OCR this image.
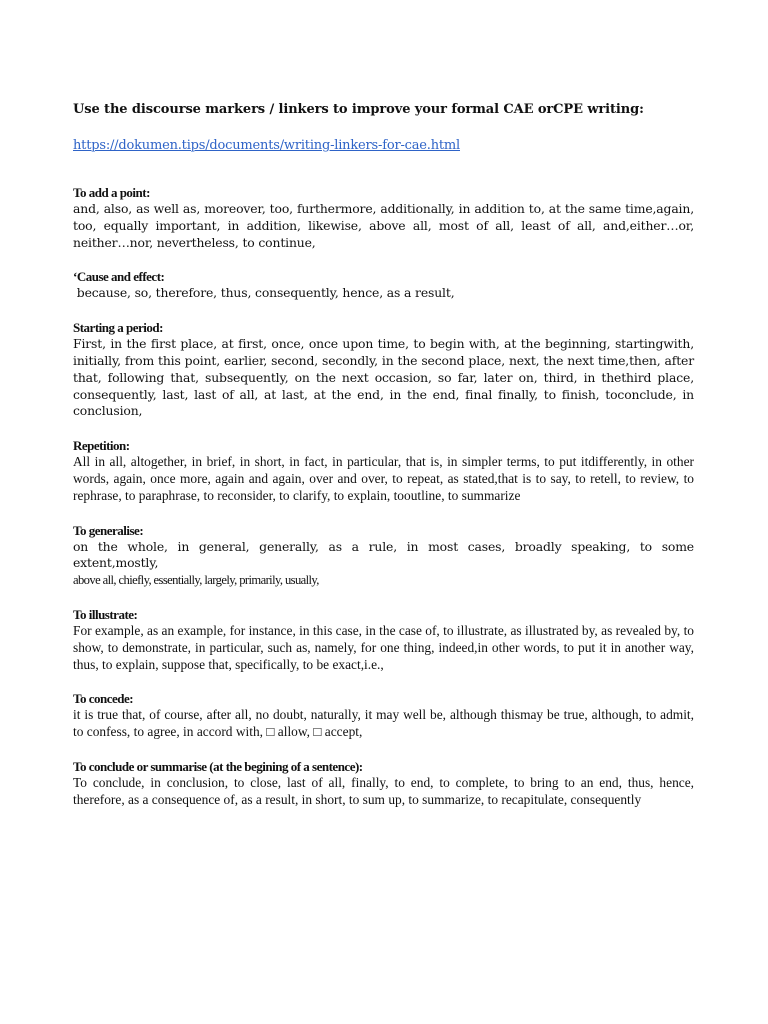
Use the discourse markers / linkers to improve your formal CAE orCPE writing:

https://dokumen.tips/documents/writing-linkers-for-cae.html

To add a point:

and, also, as well as, moreover, too, furthermore, additionally, in addition to, at the same time,again, too, equally important, in addition, likewise, above all, most of all, least of all, and,either…or, neither…nor, nevertheless, to continue,

‘Cause and effect:

because, so, therefore, thus, consequently, hence, as a result,

Starting a period:

First, in the first place, at first, once, once upon time, to begin with, at the beginning, startingwith, initially, from this point, earlier, second, secondly, in the second place, next, the next time,then, after that, following that, subsequently, on the next occasion, so far, later on, third, in thethird place, consequently, last, last of all, at last, at the end, in the end, final finally, to finish, toconclude, in conclusion,

Repetition:

All in all, altogether, in brief, in short, in fact, in particular, that is, in simpler terms, to put itdifferently, in other words, again, once more, again and again, over and over, to repeat, as stated,that is to say, to retell, to review, to rephrase, to paraphrase, to reconsider, to clarify, to explain, tooutline, to summarize

To generalise:

on the whole, in general, generally, as a rule, in most cases, broadly speaking, to some extent,mostly,
above all, chiefly, essentially, largely, primarily, usually,

To illustrate:

For example, as an example, for instance, in this case, in the case of, to illustrate, as illustrated by, as revealed by, to show, to demonstrate, in particular, such as, namely, for one thing, indeed,in other words, to put it in another way, thus, to explain, suppose that, specifically, to be exact,i.e.,

To concede:

it is true that, of course, after all, no doubt, naturally, it may well be, although thismay be true, although, to admit, to confess, to agree, in accord with, □ allow, □ accept,

To conclude or summarise (at the begining of a sentence):

To conclude, in conclusion, to close, last of all, finally, to end, to complete, to bring to an end, thus, hence, therefore, as a consequence of, as a result, in short, to sum up, to summarize, to recapitulate, consequently
